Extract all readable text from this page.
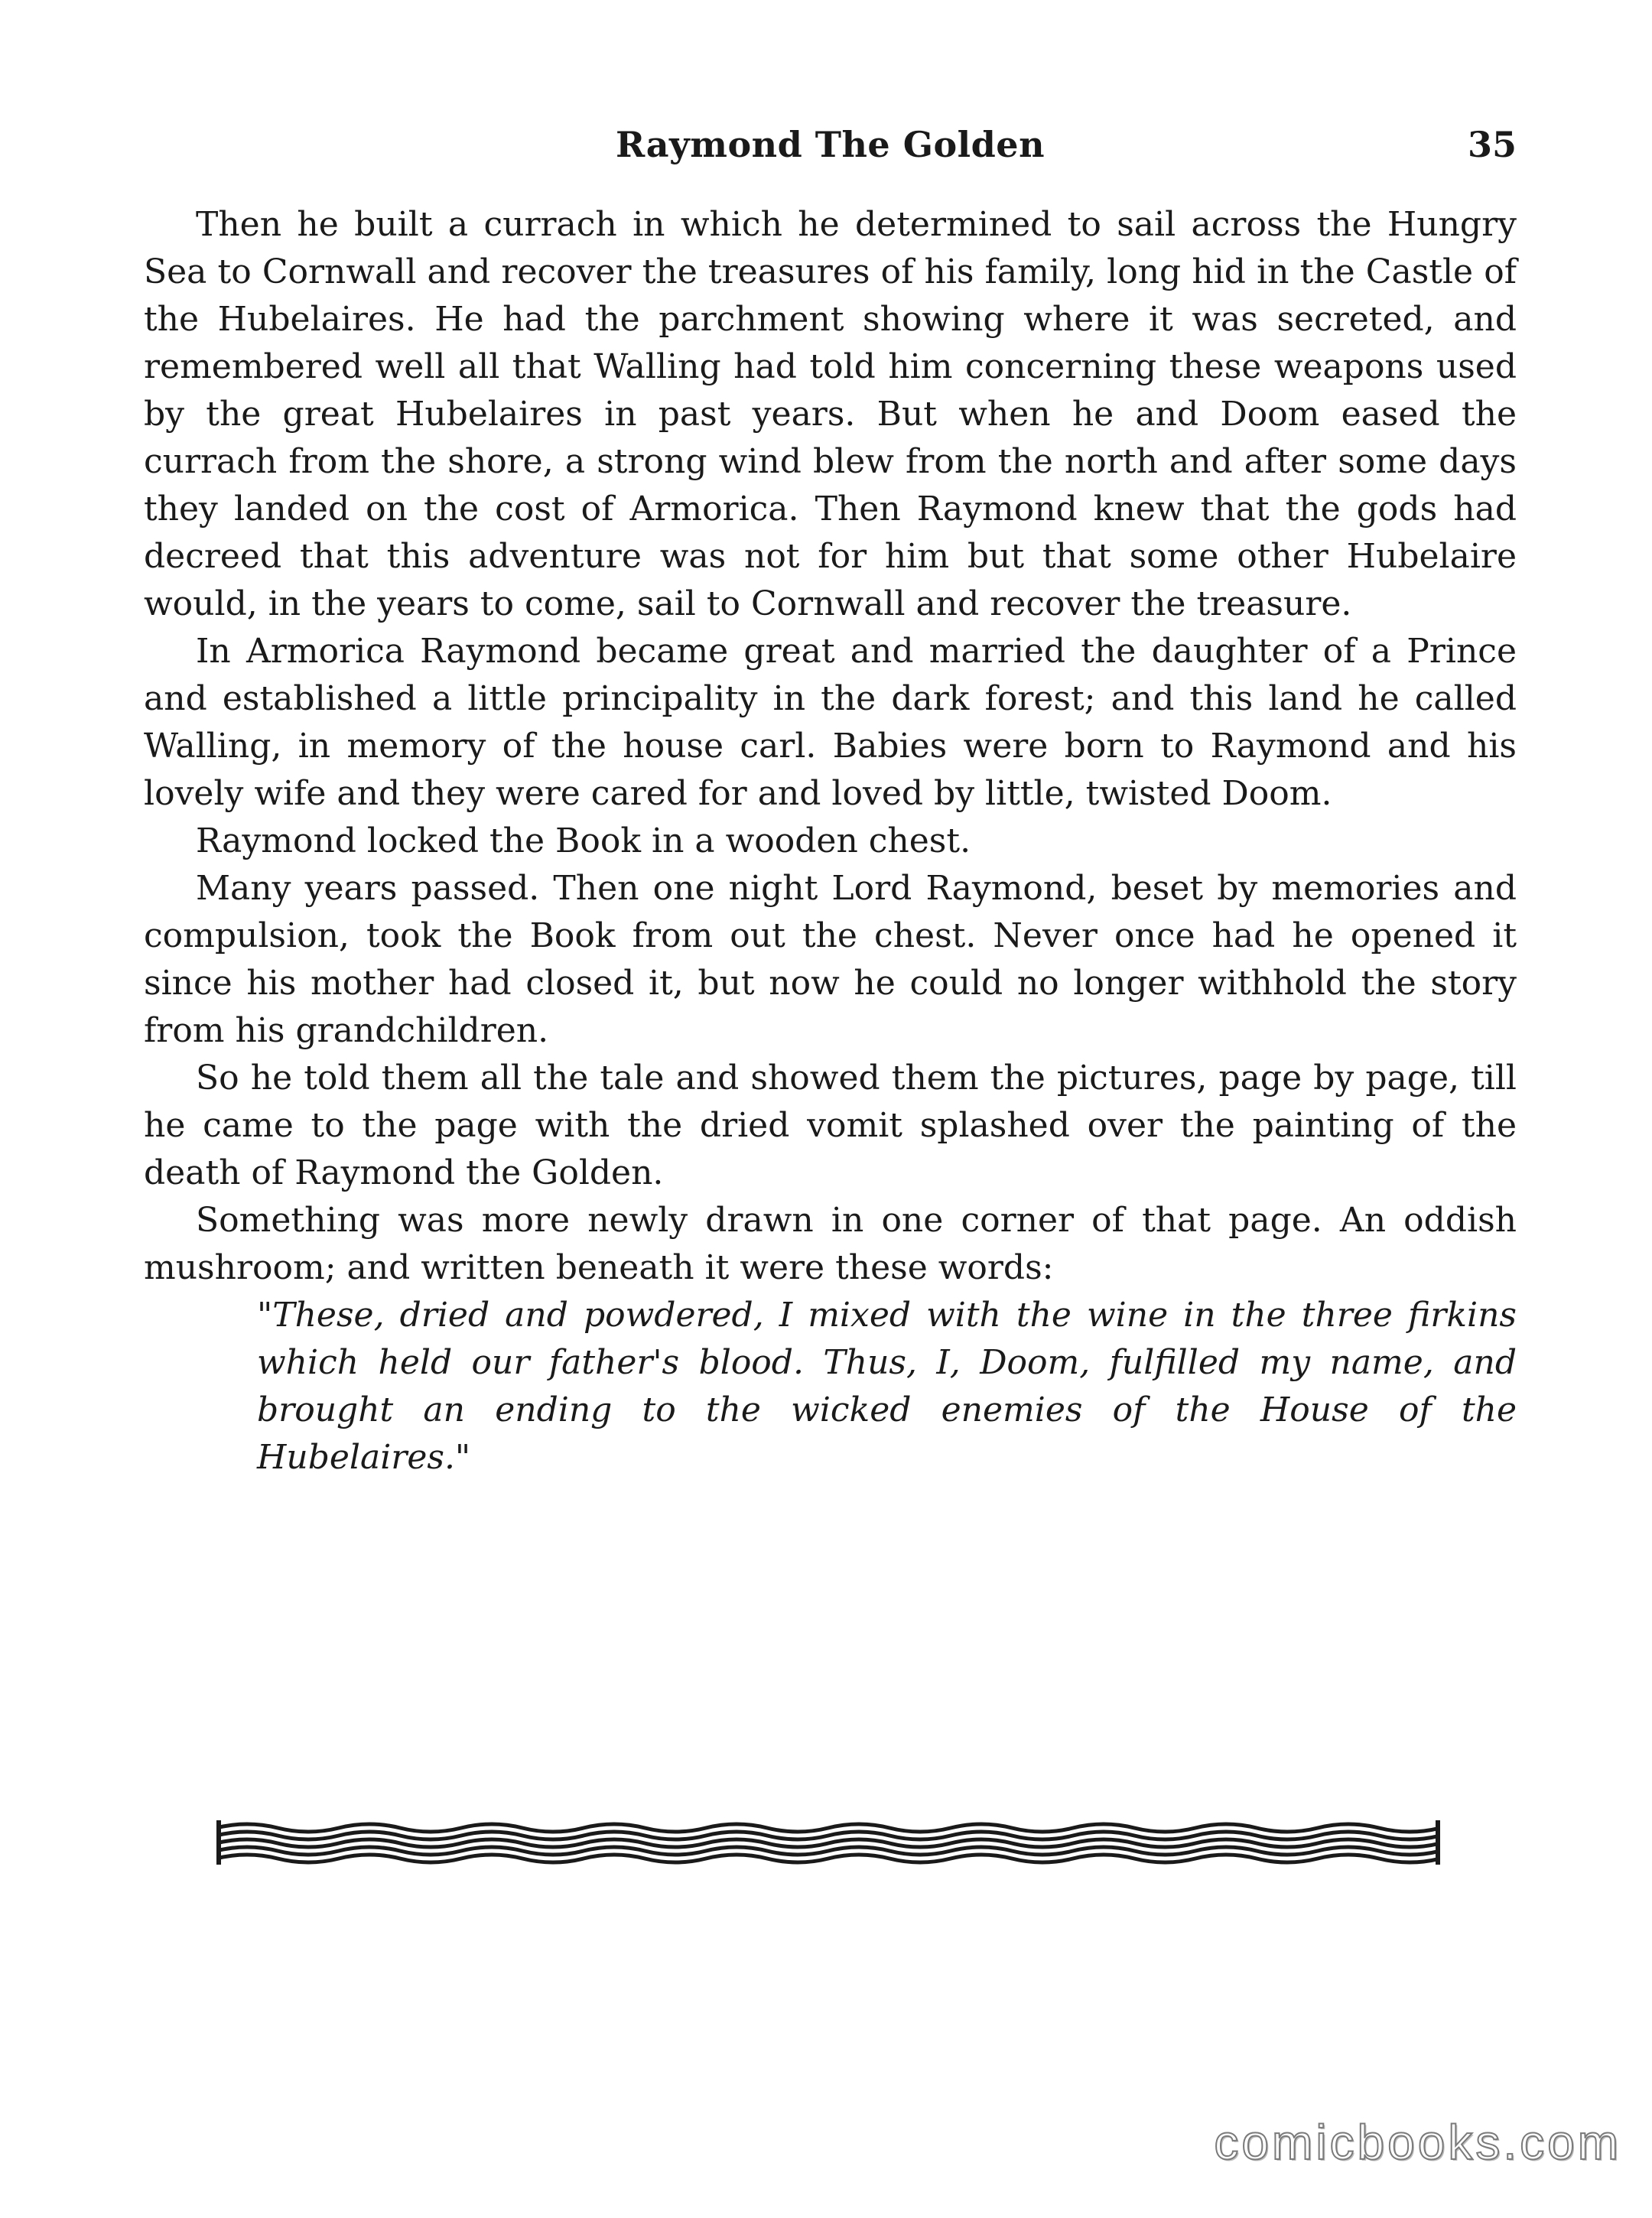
Raymond The Golden	35

Then he built a currach in which he determined to sail across the Hungry Sea to Cornwall and recover the treasures of his family, long hid in the Castle of the Hubelaires. He had the parchment showing where it was secreted, and remembered well all that Walling had told him concerning these weapons used by the great Hubelaires in past years. But when he and Doom eased the currach from the shore, a strong wind blew from the north and after some days they landed on the cost of Armorica. Then Raymond knew that the gods had decreed that this adventure was not for him but that some other Hubelaire would, in the years to come, sail to Cornwall and recover the treasure.

In Armorica Raymond became great and married the daughter of a Prince and established a little principality in the dark forest; and this land he called Walling, in memory of the house carl. Babies were born to Raymond and his lovely wife and they were cared for and loved by little, twisted Doom.

Raymond locked the Book in a wooden chest.

Many years passed. Then one night Lord Raymond, beset by memories and compulsion, took the Book from out the chest. Never once had he opened it since his mother had closed it, but now he could no longer withhold the story from his grandchildren.

So he told them all the tale and showed them the pictures, page by page, till he came to the page with the dried vomit splashed over the painting of the death of Raymond the Golden.

Something was more newly drawn in one corner of that page. An oddish mushroom; and written beneath it were these words:

"These, dried and powdered, I mixed with the wine in the three firkins which held our father's blood. Thus, I, Doom, fulfilled my name, and brought an ending to the wicked enemies of the House of the Hubelaires."

comicbooks.com
